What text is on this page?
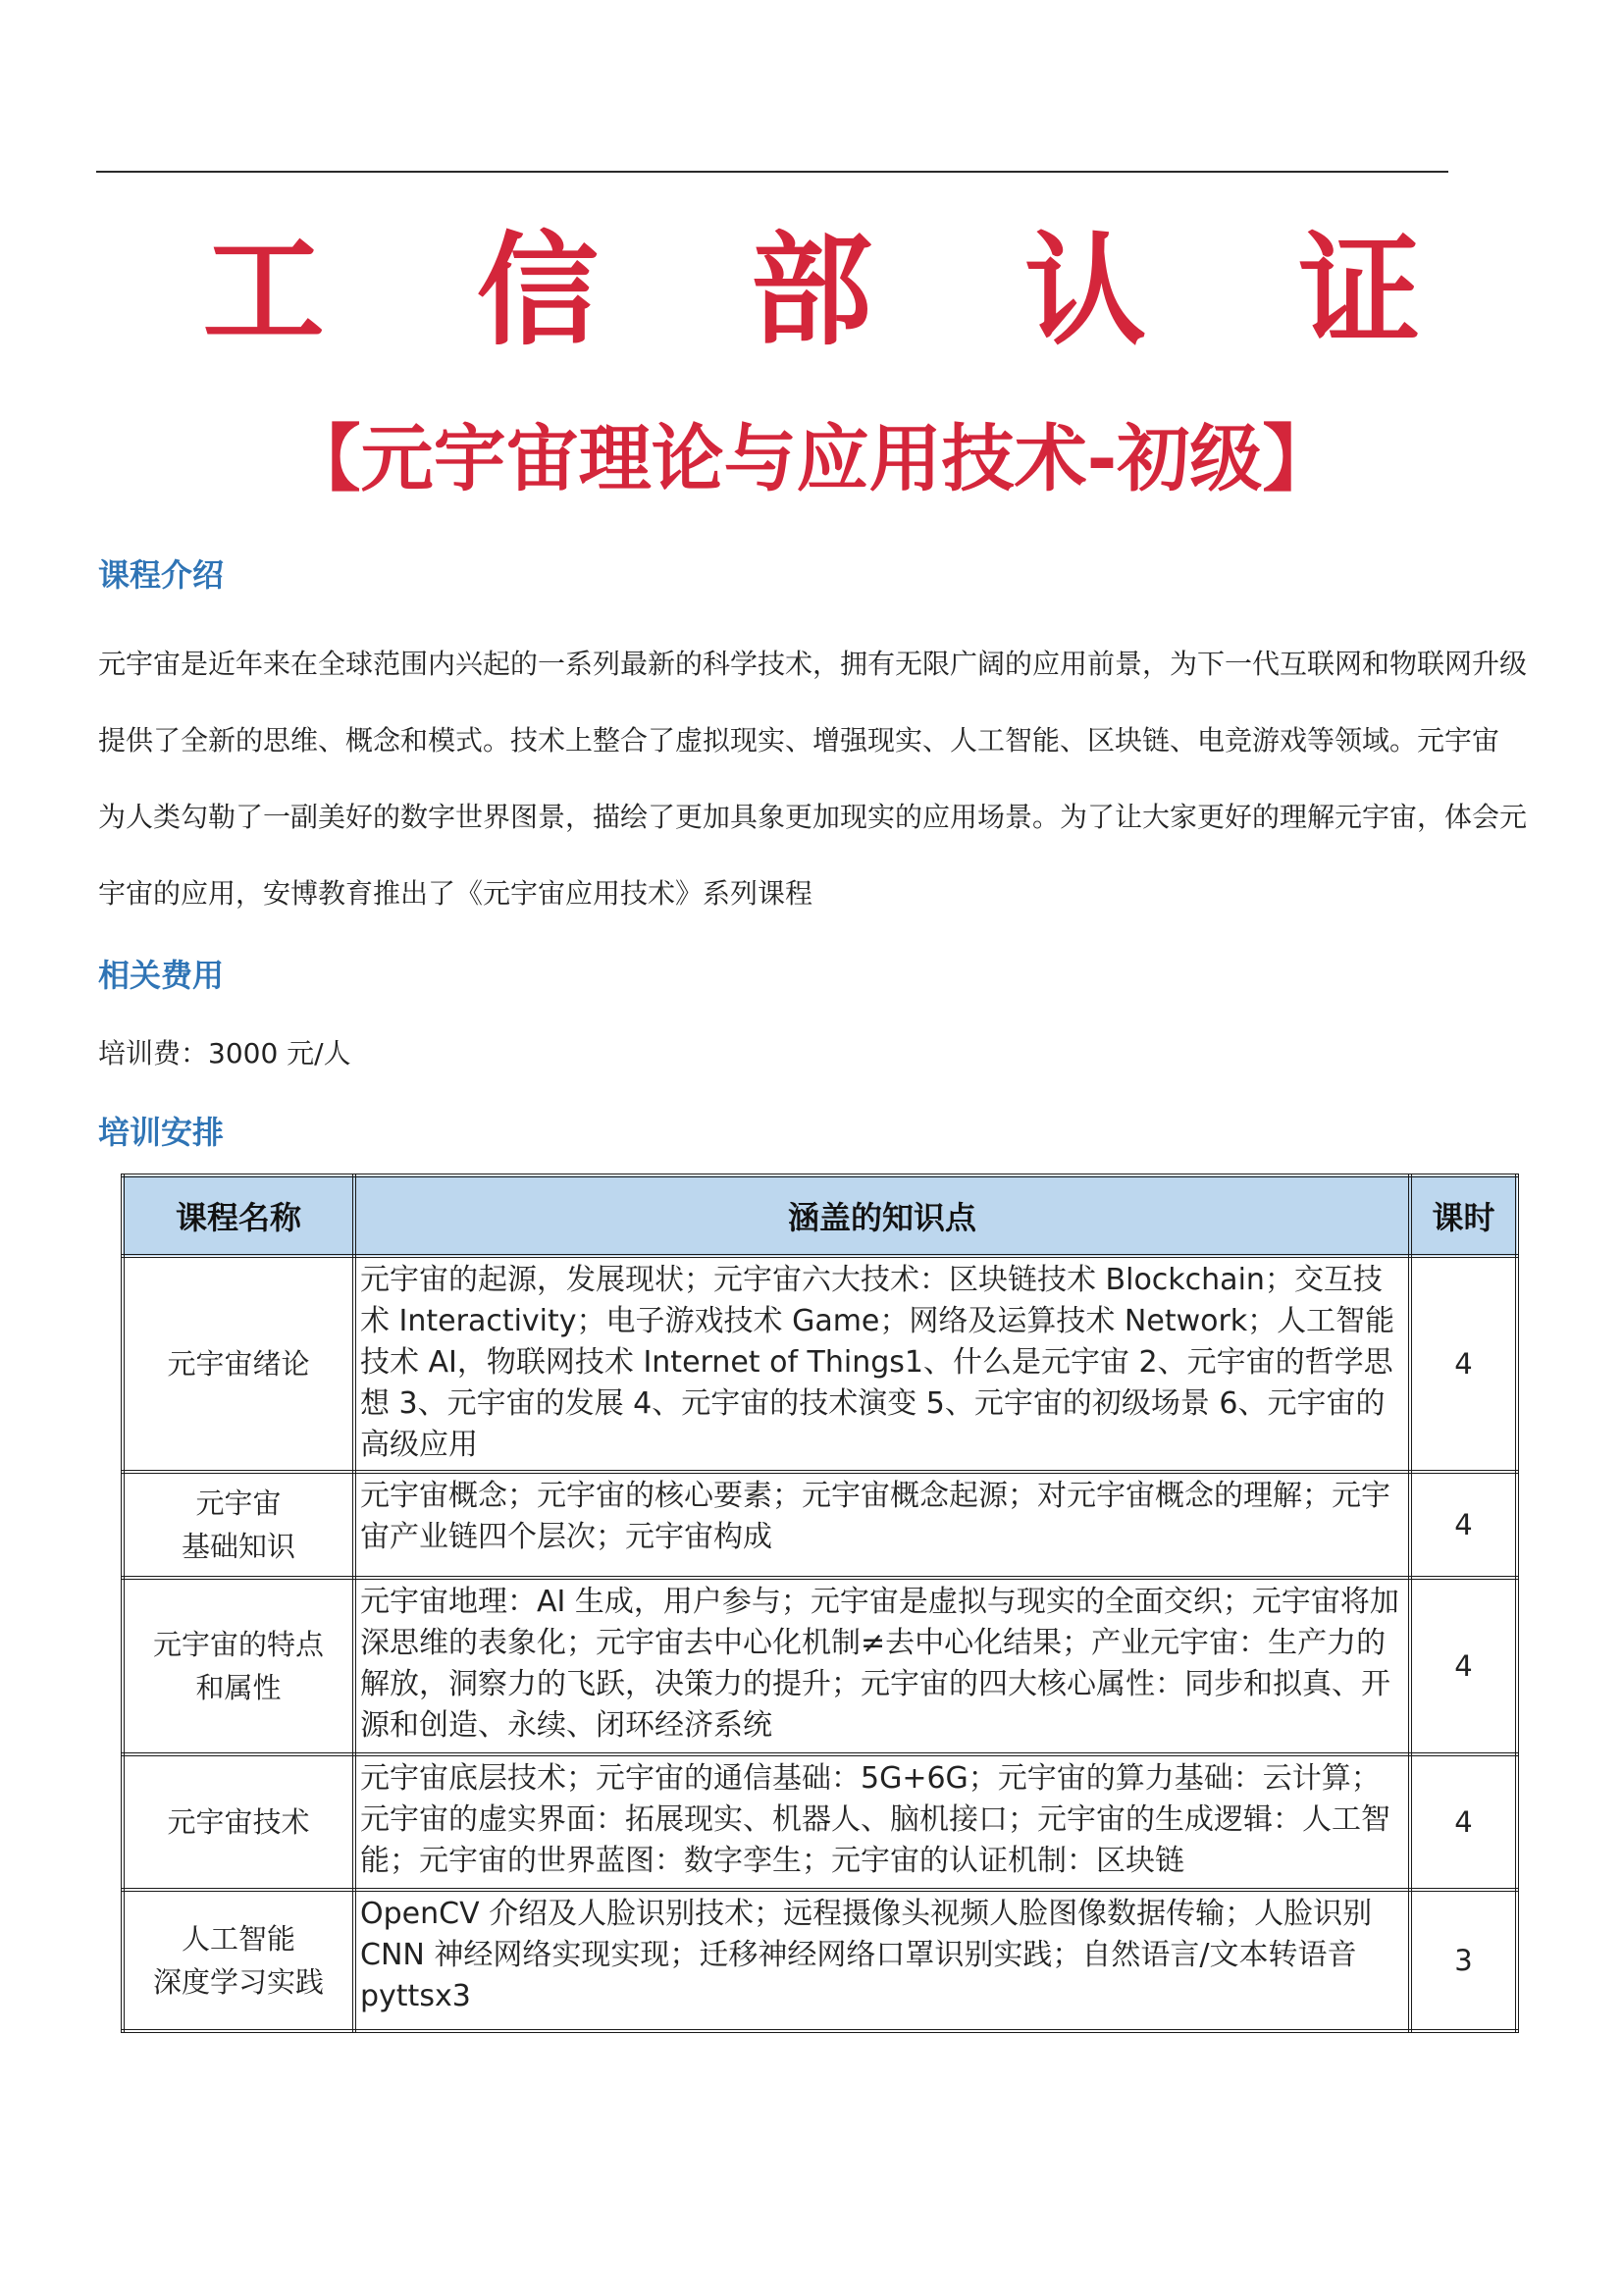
工 信 部 认 证
【元宇宙理论与应用技术-初级】
课程介绍
元宇宙是近年来在全球范围内兴起的一系列最新的科学技术，拥有无限广阔的应用前景，为下一代互联网和物联网升级提供了全新的思维、概念和模式。技术上整合了虚拟现实、增强现实、人工智能、区块链、电竞游戏等领域。元宇宙 为人类勾勒了一副美好的数字世界图景，描绘了更加具象更加现实的应用场景。为了让大家更好的理解元宇宙，体会元宇宙的应用，安博教育推出了《元宇宙应用技术》系列课程
相关费用
培训费：3000 元/人
培训安排
课程名称	涵盖的知识点	课时

元宇宙绪论	元宇宙的起源，发展现状；元宇宙六大技术：区块链技术 Blockchain；交互技术 Interactivity；电子游戏技术 Game；网络及运算技术 Network；人工智能技术 AI，物联网技术 Internet of Things1、什么是元宇宙 2、元宇宙的哲学思想 3、元宇宙的发展 4、元宇宙的技术演变 5、元宇宙的初级场景 6、元宇宙的高级应用	4

元宇宙
基础知识	元宇宙概念；元宇宙的核心要素；元宇宙概念起源；对元宇宙概念的理解；元宇宙产业链四个层次；元宇宙构成	4

元宇宙的特点
和属性	元宇宙地理：AI 生成，用户参与；元宇宙是虚拟与现实的全面交织；元宇宙将加深思维的表象化；元宇宙去中心化机制≠去中心化结果；产业元宇宙：生产力的解放，洞察力的飞跃，决策力的提升；元宇宙的四大核心属性：同步和拟真、开源和创造、永续、闭环经济系统	4

元宇宙技术	元宇宙底层技术；元宇宙的通信基础：5G+6G；元宇宙的算力基础：云计算；元宇宙的虚实界面：拓展现实、机器人、脑机接口；元宇宙的生成逻辑：人工智能；元宇宙的世界蓝图：数字孪生；元宇宙的认证机制：区块链	4

人工智能
深度学习实践	OpenCV 介绍及人脸识别技术；远程摄像头视频人脸图像数据传输；人脸识别 CNN 神经网络实现实现；迁移神经网络口罩识别实践；自然语言/文本转语音 pyttsx3	3
